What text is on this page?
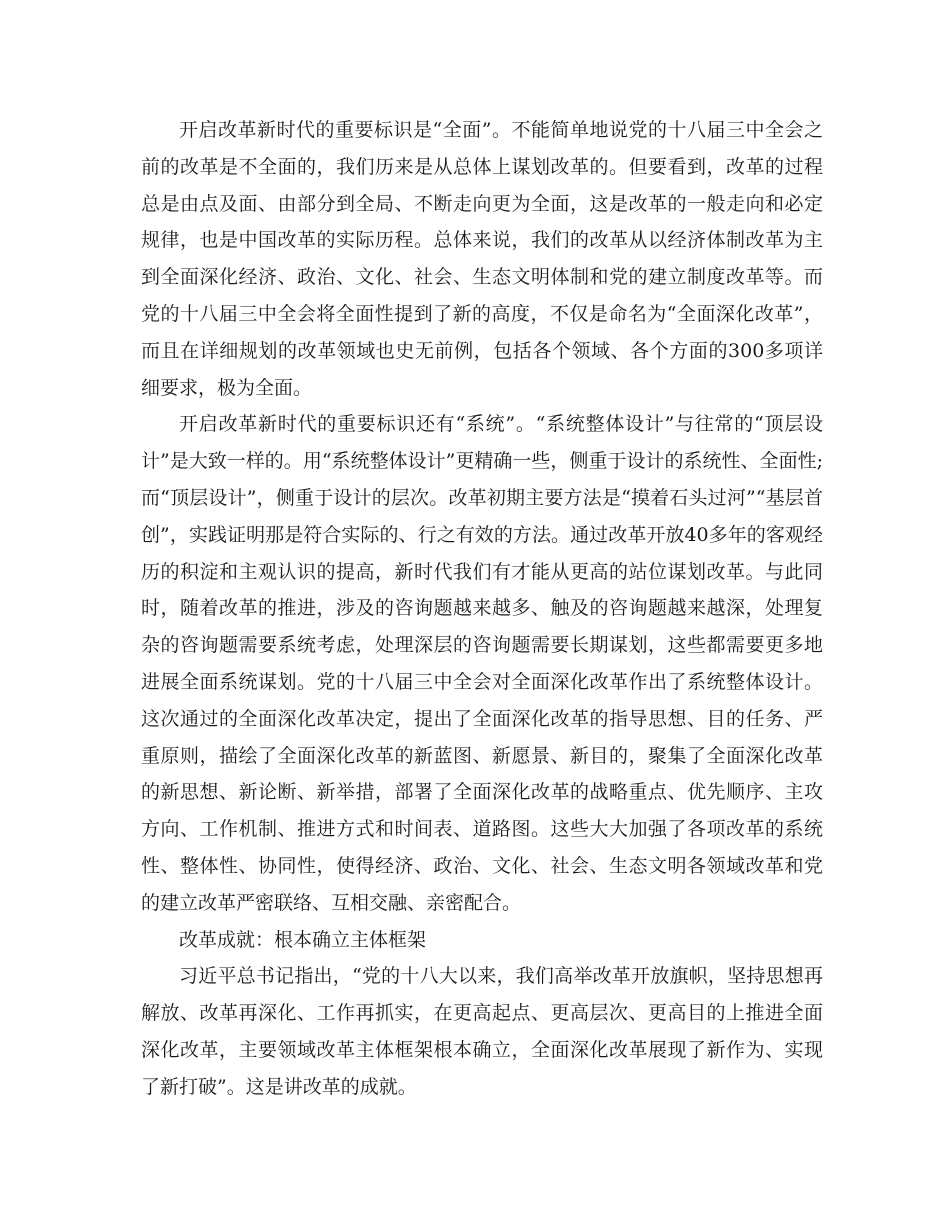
开启改革新时代的重要标识是“全面”。不能简单地说党的十八届三中全会之前的改革是不全面的，我们历来是从总体上谋划改革的。但要看到，改革的过程总是由点及面、由部分到全局、不断走向更为全面，这是改革的一般走向和必定规律，也是中国改革的实际历程。总体来说，我们的改革从以经济体制改革为主到全面深化经济、政治、文化、社会、生态文明体制和党的建立制度改革等。而党的十八届三中全会将全面性提到了新的高度，不仅是命名为“全面深化改革”，而且在详细规划的改革领域也史无前例，包括各个领域、各个方面的300多项详细要求，极为全面。

开启改革新时代的重要标识还有“系统”。“系统整体设计”与往常的“顶层设计”是大致一样的。用“系统整体设计”更精确一些，侧重于设计的系统性、全面性;而“顶层设计”，侧重于设计的层次。改革初期主要方法是“摸着石头过河”“基层首创”，实践证明那是符合实际的、行之有效的方法。通过改革开放40多年的客观经历的积淀和主观认识的提高，新时代我们有才能从更高的站位谋划改革。与此同时，随着改革的推进，涉及的咨询题越来越多、触及的咨询题越来越深，处理复杂的咨询题需要系统考虑，处理深层的咨询题需要长期谋划，这些都需要更多地进展全面系统谋划。党的十八届三中全会对全面深化改革作出了系统整体设计。这次通过的全面深化改革决定，提出了全面深化改革的指导思想、目的任务、严重原则，描绘了全面深化改革的新蓝图、新愿景、新目的，聚集了全面深化改革的新思想、新论断、新举措，部署了全面深化改革的战略重点、优先顺序、主攻方向、工作机制、推进方式和时间表、道路图。这些大大加强了各项改革的系统性、整体性、协同性，使得经济、政治、文化、社会、生态文明各领域改革和党的建立改革严密联络、互相交融、亲密配合。

改革成就：根本确立主体框架

习近平总书记指出，“党的十八大以来，我们高举改革开放旗帜，坚持思想再解放、改革再深化、工作再抓实，在更高起点、更高层次、更高目的上推进全面深化改革，主要领域改革主体框架根本确立，全面深化改革展现了新作为、实现了新打破”。这是讲改革的成就。
